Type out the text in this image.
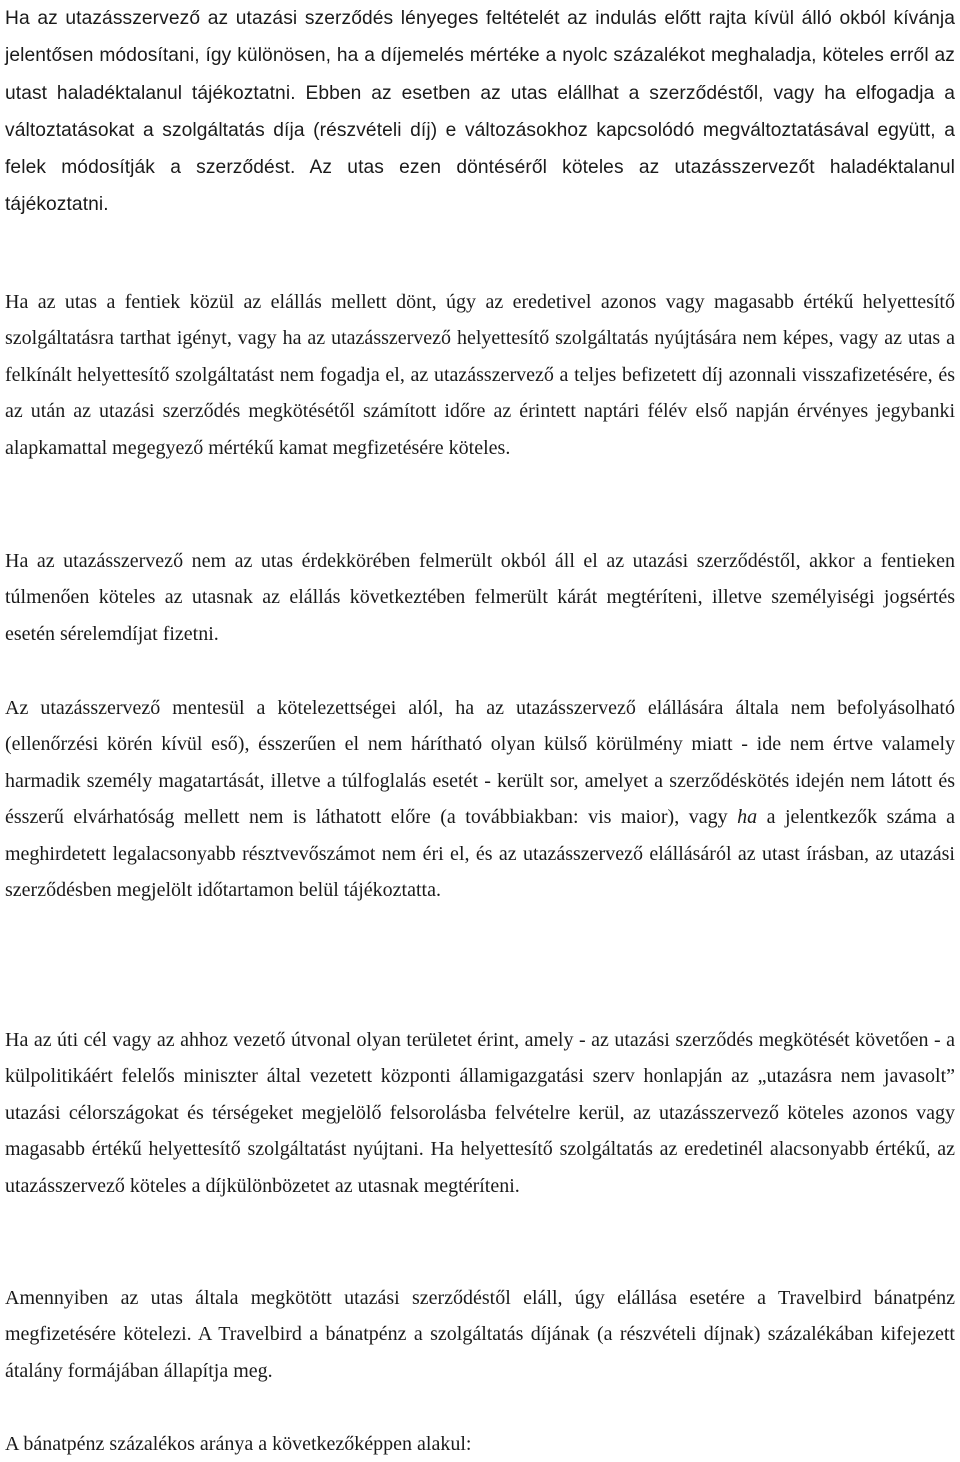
Ha az utazásszervező az utazási szerződés lényeges feltételét az indulás előtt rajta kívül álló okból kívánja jelentősen módosítani, így különösen, ha a díjemelés mértéke a nyolc százalékot meghaladja, köteles erről az utast haladéktalanul tájékoztatni. Ebben az esetben az utas elállhat a szerződéstől, vagy ha elfogadja a változtatásokat a szolgáltatás díja (részvételi díj) e változásokhoz kapcsolódó megváltoztatásával együtt, a felek módosítják a szerződést. Az utas ezen döntéséről köteles az utazásszervezőt haladéktalanul tájékoztatni.

Ha az utas a fentiek közül az elállás mellett dönt, úgy az eredetivel azonos vagy magasabb értékű helyettesítő szolgáltatásra tarthat igényt, vagy ha az utazásszervező helyettesítő szolgáltatás nyújtására nem képes, vagy az utas a felkínált helyettesítő szolgáltatást nem fogadja el, az utazásszervező a teljes befizetett díj azonnali visszafizetésére, és az után az utazási szerződés megkötésétől számított időre az érintett naptári félév első napján érvényes jegybanki alapkamattal megegyező mértékű kamat megfizetésére köteles.

Ha az utazásszervező nem az utas érdekkörében felmerült okból áll el az utazási szerződéstől, akkor a fentieken túlmenően köteles az utasnak az elállás következtében felmerült kárát megtéríteni, illetve személyiségi jogsértés esetén sérelemdíjat fizetni.

Az utazásszervező mentesül a kötelezettségei alól, ha az utazásszervező elállására általa nem befolyásolható (ellenőrzési körén kívül eső), ésszerűen el nem hárítható olyan külső körülmény miatt - ide nem értve valamely harmadik személy magatartását, illetve a túlfoglalás esetét - került sor, amelyet a szerződéskötés idején nem látott és ésszerű elvárhatóság mellett nem is láthatott előre (a továbbiakban: vis maior), vagy ha a jelentkezők száma a meghirdetett legalacsonyabb résztvevőszámot nem éri el, és az utazásszervező elállásáról az utast írásban, az utazási szerződésben megjelölt időtartamon belül tájékoztatta.

Ha az úti cél vagy az ahhoz vezető útvonal olyan területet érint, amely - az utazási szerződés megkötését követően - a külpolitikáért felelős miniszter által vezetett központi államigazgatási szerv honlapján az „utazásra nem javasolt” utazási célországokat és térségeket megjelölő felsorolásba felvételre kerül, az utazásszervező köteles azonos vagy magasabb értékű helyettesítő szolgáltatást nyújtani. Ha helyettesítő szolgáltatás az eredetinél alacsonyabb értékű, az utazásszervező köteles a díjkülönbözetet az utasnak megtéríteni.

Amennyiben az utas általa megkötött utazási szerződéstől eláll, úgy elállása esetére a Travelbird bánatpénz megfizetésére kötelezi. A Travelbird a bánatpénz a szolgáltatás díjának (a részvételi díjnak) százalékában kifejezett átalány formájában állapítja meg.

A bánatpénz százalékos aránya a következőképpen alakul:
